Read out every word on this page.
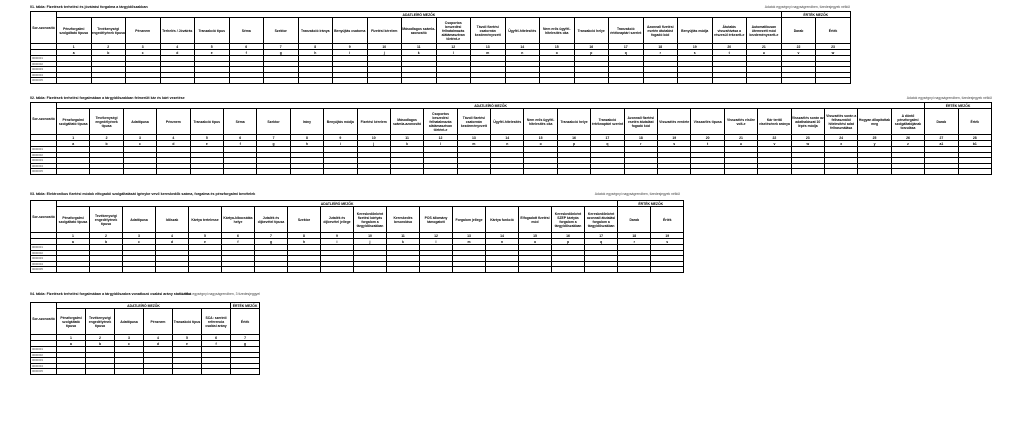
01. tábla: Fizetések terhelési és jóváírási forgalma a tárgyidőszakban	Adatok egységnyi nagyságrendben, tizedesjegyek nélkül
Sor-szonosító	ADATLEÍRÓ MEZŐK																					ÉRTÉK MEZŐK	
	Pénzforgalmi szolgáltató típusa	Tevékenységi engedélyének típusa	Pénznem	Terhelés / Jóváírás	Tranzakció típus	Séma	Szektor	Tranzakció iránya	Benyújtás csatorna	Fizetési kérelem	Másodlagos számla-azonosító	Csoportos beszedési felhatalmazás alátámasztvan történt-e	Távoli fizetési csatornán kezdeményezett	Ügyfél-hitelesítés	Nem erős ügyfél-hitelesítés oka	Tranzakció helye	Tranzakció értéknaptári szerint	Azonnali fizetési esetén átutalást fogadó kód	Benyújtás módja	Átutalás visszahívása a részesül érkezett-e	Automatikusan ütemezett mód kezdeményezett-e	Darab	Érték
	1	2	3	4	5	6	7	8	9	10	11	12	13	14	15	16	17	18	19	20	21	22	23
	a	b	c	d	e	f	g	h	i	j	k	l	m	n	o	p	q	r	s	t	u	v	w
0000001																							
0000002																							
0000003																							
0000004																							
0000005																							
02. tábla: Fizetések terhelési forgalmában a tárgyidőszakban felmerült kár és kárt vezetése	Adatok egységnyi nagyságrendben, tizedesjegyek nélkül
Sor-szonosító	ADATLEÍRÓ MEZŐK																										ÉRTÉK MEZŐK	
	Pénzforgalmi szolgáltató típusa	Tevékenységi engedélyének típusa	Adattípusa	Pénznem	Tranzakció típus	Séma	Szektor	Irány	Benyújtás módja	Fizetési kérelem	Másodlagos számla-azonosító	Csoportos beszedési felhatalmazás alátámasztvan történt-e	Távoli fizetési csatornán kezdeményezett	Ügyfél-hitelesítés	Nem erős ügyfél-hitelesítés oka	Tranzakció helye	Tranzakció értéknaptári szerint	Azonnali fizetési esetén átutalást fogadó kód	Visszaélés eredete	Visszaélés típusa	Visszaélés elsőre volt-e	Kár terítő viselésének aránya	Visszaélés során az adathalászat 10 lépés módja	Visszaélés során a felhasználói hitelesítési adat felhasználása	Hogyan állapítottak meg	A döntő pénzforgalmi szolgáltatójának torzulása	Darab	Érték
	1	2	3	4	5	6	7	8	9	10	11	12	13	14	15	16	17	18	19	20	21	22	23	24	25	26	27	28
	a	b	c	d	e	f	g	h	i	j	k	l	m	n	o	p	q	r	s	t	u	v	w	x	y	z	a1	b1
0000001																												
0000002																												
0000003																												
0000004																												
0000005																												
03. tábla: Elektronikus fizetési módok elfogadói szolgáltatását igénybe vevő kereskedők száma, forgalma és pénzforgalmi bevételek	Adatok egységnyi nagyságrendben, tizedesjegyek nélkül
Sor-szonosító	ADATLEÍRÓ MEZŐK																	ÉRTÉK MEZŐK	
	Pénzforgalmi szolgáltató típusa	Tevékenységi engedélyének típusa	Adattípusa	Időszak	Kártya tertelesse	Kártya-kibocsátás helye	Jutalék és díjbevétel típusa	Szektor	Jutalék és díjbevétel jellege	Kereskedőnként fizetési kártyás forgalom a tárgyidőszakban	Kereskedés besorolása	POS állomány támogatott	Forgalom jellege	Kártya funkció	Elfogadott fizetési mód	Kereskedőnként SZEP kártyás forgalom a tárgyidőszakban	Kereskedőnként azonnali átutalási forgalom a tárgyidőszakban	Darab	Érték
	1	2	3	4	5	6	7	8	9	10	11	12	13	14	15	16	17	18	19
	a	b	c	d	e	f	g	h	i	j	k	l	m	n	o	p	q	r	s
0000001																			
0000002																			
0000003																			
0000004																			
0000005																			
04. tábla: Fizetések terhelési forgalmában a tárgyidőszakra vonatkozó csalási arány statisztika
Adatok egységnyi nagyságrendben, 3 tizedesjeggyel
Sor-szonosító	ADATLEÍRÓ MEZŐK						ÉRTÉK MEZŐK
	Pénzforgalmi szolgáltató típusa	Tevékenységi engedélyének típusa	Adattípusa	Pénznem	Tranzakció típus	SCA: szerinti referencia csalási arány	Érték
	1	2	3	4	5	6	7
	a	b	c	d	e	f	g
0000001							
0000002							
0000003							
0000004							
0000005							
